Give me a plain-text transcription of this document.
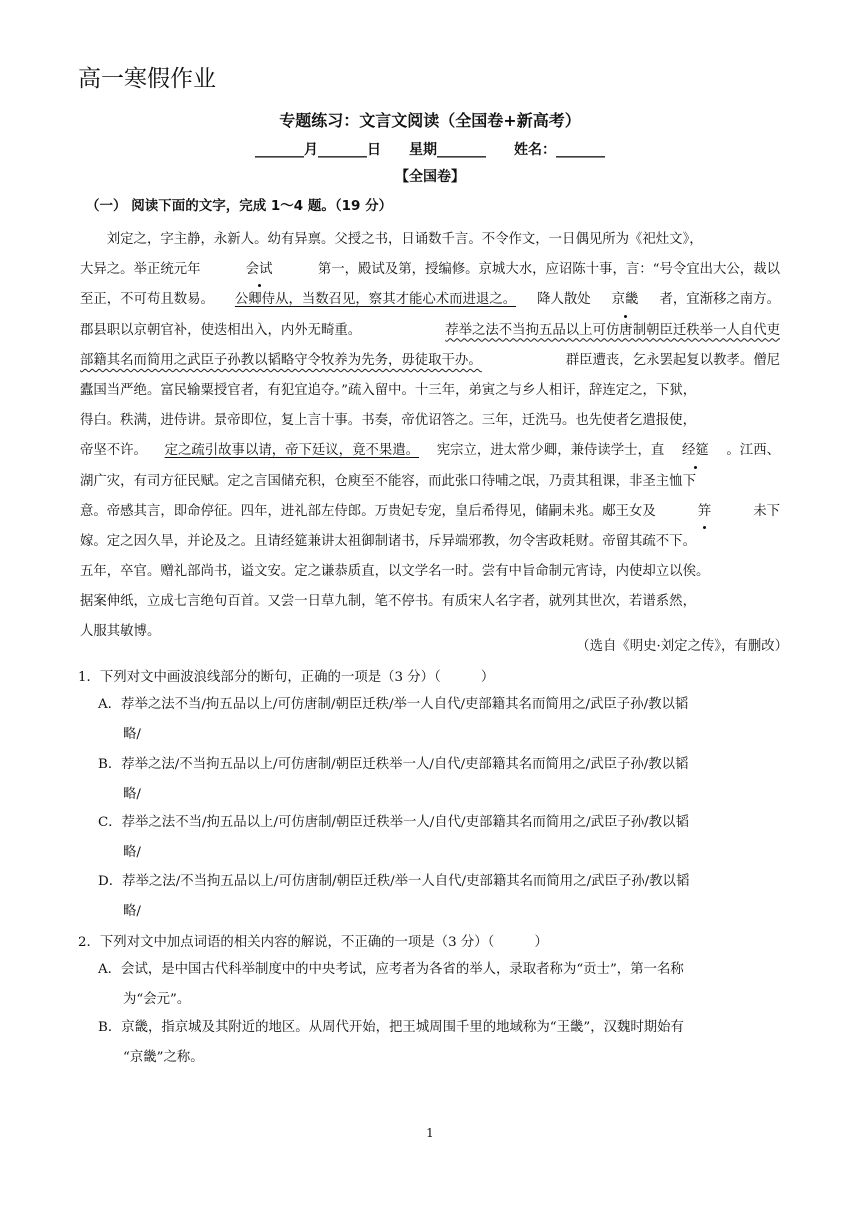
高一寒假作业
专题练习：文言文阅读（全国卷+新高考）
_______月_______日　　星期_______　　姓名：_______
【全国卷】
（一） 阅读下面的文字，完成 1～4 题。（19 分）
　　刘定之，字主静，永新人。幼有异禀。父授之书，日诵数千言。不令作文，一日偶见所为《祀灶文》，
大异之。举正统元年	会试	第一，殿试及第，授编修。京城大水，应诏陈十事，言：“号令宜出大公，裁以
至正，不可苟且数易。 公卿侍从，当数召见，察其才能心术而进退之。 降人散处 京畿 者，宜渐移之南方。
郡县职以京朝官补，使迭相出入，内外无畸重。	荐举之法不当拘五品以上可仿唐制朝臣迁秩举一人自代吏
部籍其名而简用之武臣子孙教以韬略守令牧养为先务，毋徒取干办。	群臣遭丧，乞永罢起复以教孝。僧尼
蠹国当严绝。富民输粟授官者，有犯宜追夺。”疏入留中。十三年，弟寅之与乡人相讦，辞连定之，下狱，
得白。秩满，进侍讲。景帝即位，复上言十事。书奏，帝优诏答之。三年，迁洗马。也先使者乞遣报使，
帝坚不许。 定之疏引故事以请，帝下廷议，竟不果遣。 宪宗立，进太常少卿，兼侍读学士，直 经筵 。江西、
湖广灾，有司方征民赋。定之言国储充积，仓庾至不能容，而此张口待哺之氓，乃责其租课，非圣主恤下
意。帝感其言，即命停征。四年，进礼部左侍郎。万贵妃专宠，皇后希得见，储嗣未兆。郕王女及	笄	未下
嫁。定之因久旱，并论及之。且请经筵兼讲太祖御制诸书，斥异端邪教，勿令害政耗财。帝留其疏不下。
五年，卒官。赠礼部尚书，谥文安。定之谦恭质直，以文学名一时。尝有中旨命制元宵诗，内使却立以俟。
据案伸纸，立成七言绝句百首。又尝一日草九制，笔不停书。有质宋人名字者，就列其世次，若谱系然，
人服其敏博。
（选自《明史·刘定之传》，有删改）
1．下列对文中画波浪线部分的断句，正确的一项是（3 分）（　　　）
A．荐举之法不当/拘五品以上/可仿唐制/朝臣迁秩/举一人自代/吏部籍其名而简用之/武臣子孙/教以韬
略/
B．荐举之法/不当拘五品以上/可仿唐制/朝臣迁秩举一人/自代/吏部籍其名而简用之/武臣子孙/教以韬
略/
C．荐举之法不当/拘五品以上/可仿唐制/朝臣迁秩举一人/自代/吏部籍其名而简用之/武臣子孙/教以韬
略/
D．荐举之法/不当拘五品以上/可仿唐制/朝臣迁秩/举一人自代/吏部籍其名而简用之/武臣子孙/教以韬
略/
2．下列对文中加点词语的相关内容的解说，不正确的一项是（3 分）（　　　）
A．会试，是中国古代科举制度中的中央考试，应考者为各省的举人，录取者称为“贡士”，第一名称
为“会元”。
B．京畿，指京城及其附近的地区。从周代开始，把王城周围千里的地域称为“王畿”，汉魏时期始有
“京畿”之称。
1
